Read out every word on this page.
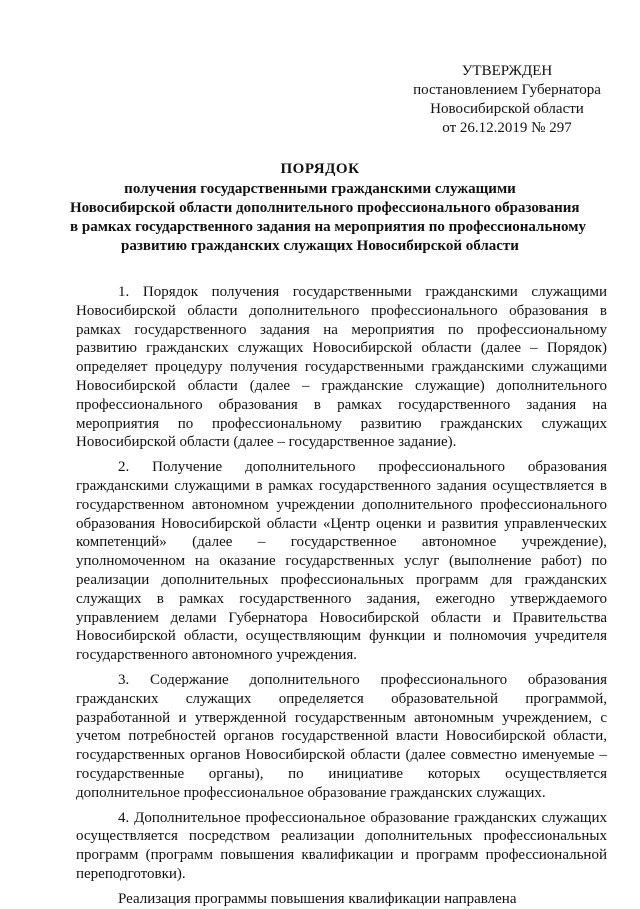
УТВЕРЖДЕН
постановлением Губернатора
Новосибирской области
от 26.12.2019 № 297
ПОРЯДОК
получения государственными гражданскими служащими
Новосибирской области дополнительного профессионального образования
в рамках государственного задания на мероприятия по профессиональному
развитию гражданских служащих Новосибирской области

1. Порядок получения государственными гражданскими служащими Новосибирской области дополнительного профессионального образования в рамках государственного задания на мероприятия по профессиональному развитию гражданских служащих Новосибирской области (далее – Порядок) определяет процедуру получения государственными гражданскими служащими Новосибирской области (далее – гражданские служащие) дополнительного профессионального образования в рамках государственного задания на мероприятия по профессиональному развитию гражданских служащих Новосибирской области (далее – государственное задание).

2. Получение дополнительного профессионального образования гражданскими служащими в рамках государственного задания осуществляется в государственном автономном учреждении дополнительного профессионального образования Новосибирской области «Центр оценки и развития управленческих компетенций» (далее – государственное автономное учреждение), уполномоченном на оказание государственных услуг (выполнение работ) по реализации дополнительных профессиональных программ для гражданских служащих в рамках государственного задания, ежегодно утверждаемого управлением делами Губернатора Новосибирской области и Правительства Новосибирской области, осуществляющим функции и полномочия учредителя государственного автономного учреждения.

3. Содержание дополнительного профессионального образования гражданских служащих определяется образовательной программой, разработанной и утвержденной государственным автономным учреждением, с учетом потребностей органов государственной власти Новосибирской области, государственных органов Новосибирской области (далее совместно именуемые – государственные органы), по инициативе которых осуществляется дополнительное профессиональное образование гражданских служащих.

4. Дополнительное профессиональное образование гражданских служащих осуществляется посредством реализации дополнительных профессиональных программ (программ повышения квалификации и программ профессиональной переподготовки).

Реализация программы повышения квалификации направлена
